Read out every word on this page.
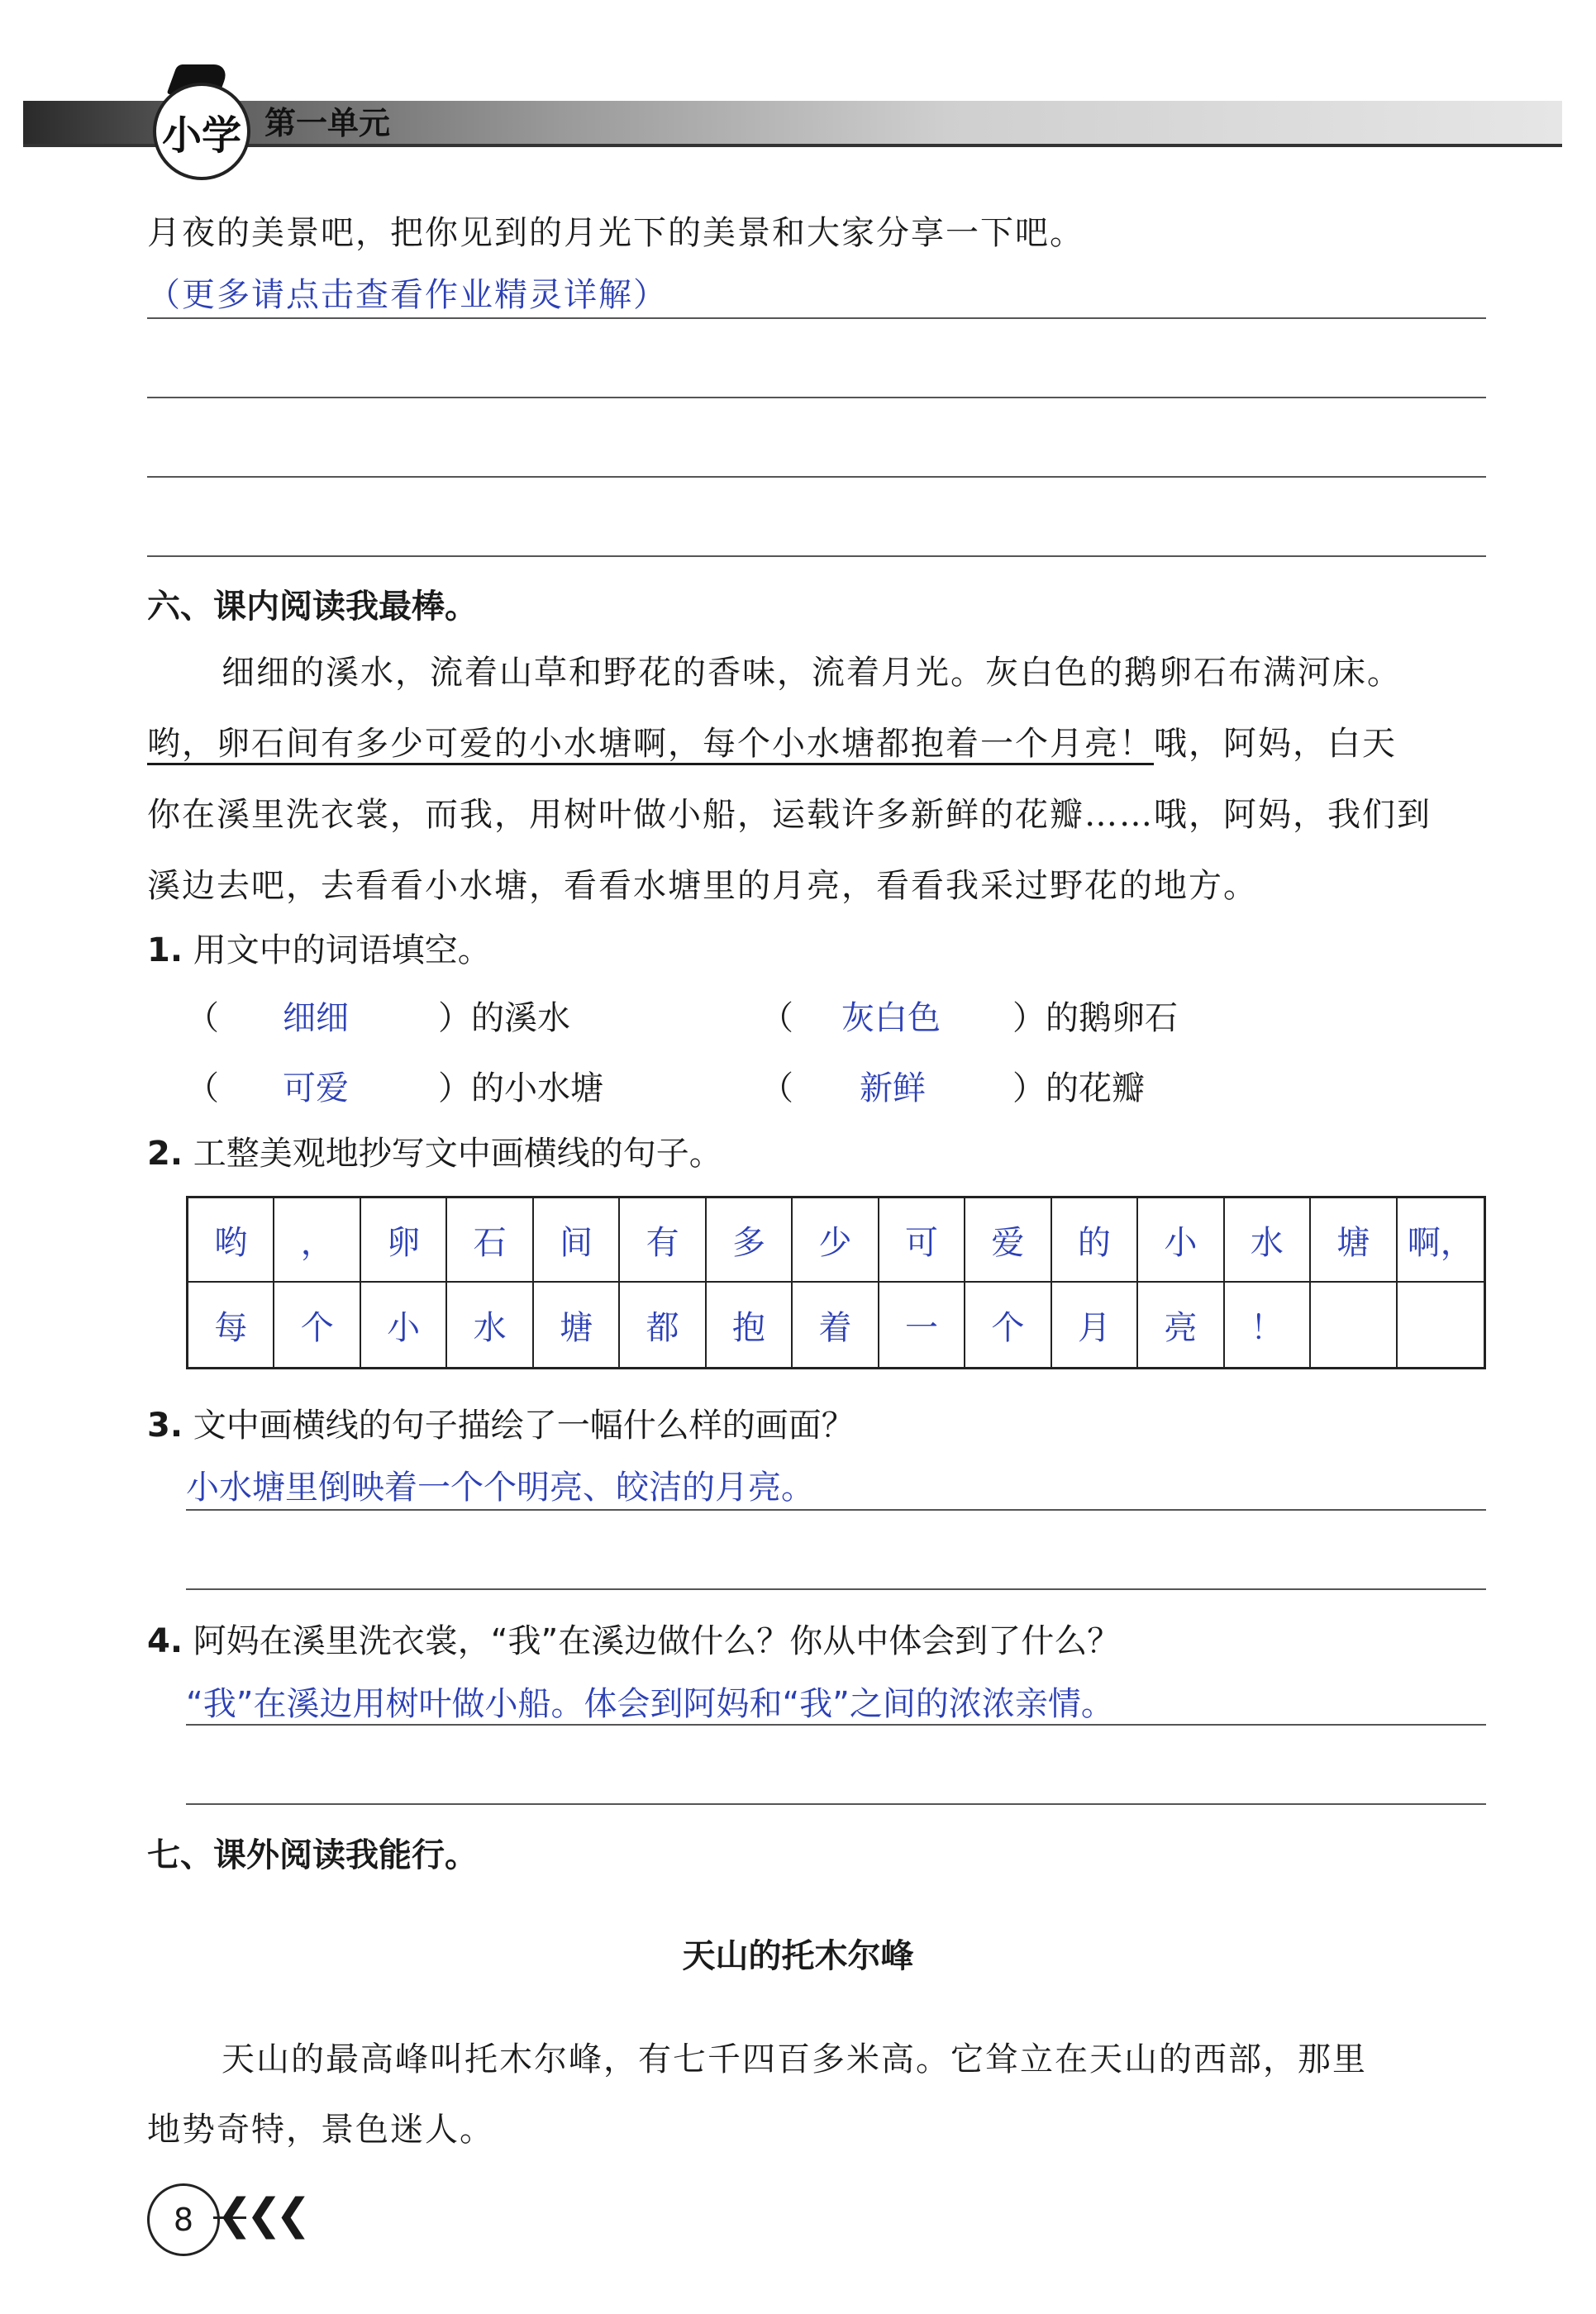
小学 第一单元
月夜的美景吧，把你见到的月光下的美景和大家分享一下吧。
（更多请点击查看作业精灵详解）
六、课内阅读我最棒。
细细的溪水，流着山草和野花的香味，流着月光。灰白色的鹅卵石布满河床。
哟，卵石间有多少可爱的小水塘啊，每个小水塘都抱着一个月亮！哦，阿妈，白天
你在溪里洗衣裳，而我，用树叶做小船，运载许多新鲜的花瓣……哦，阿妈，我们到
溪边去吧，去看看小水塘，看看水塘里的月亮，看看我采过野花的地方。
1. 用文中的词语填空。
（ 细细	）的溪水	（ 灰白色 ）的鹅卵石
（ 可爱	）的小水塘	（ 新鲜	）的花瓣
2. 工整美观地抄写文中画横线的句子。
哟	，	卵	石	间	有	多	少	可	爱	的	小	水	塘	啊，
每	个	小	水	塘	都	抱	着	一	个	月	亮	！
3. 文中画横线的句子描绘了一幅什么样的画面？
小水塘里倒映着一个个明亮、皎洁的月亮。
4. 阿妈在溪里洗衣裳，“我”在溪边做什么？你从中体会到了什么？
“我”在溪边用树叶做小船。体会到阿妈和“我”之间的浓浓亲情。
七、课外阅读我能行。
天山的托木尔峰
天山的最高峰叫托木尔峰，有七千四百多米高。它耸立在天山的西部，那里
地势奇特，景色迷人。
8 ❮❮❮
